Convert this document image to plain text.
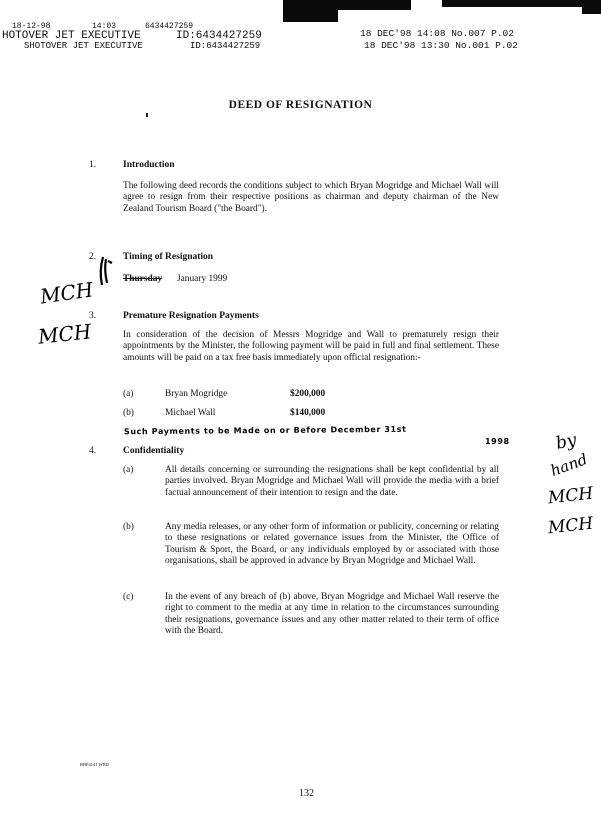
18-12-98	14:03	6434427259
HOTOVER JET EXECUTIVE	ID:6434427259
SHOTOVER JET EXECUTIVE	ID:6434427259
18 DEC'98 14:08 No.007 P.02
18 DEC'98 13:30 No.001 P.02
DEED OF RESIGNATION
1.	Introduction
The following deed records the conditions subject to which Bryan Mogridge and Michael Wall will agree to resign from their respective positions as chairman and deputy chairman of the New Zealand Tourism Board ("the Board").
2.	Timing of Resignation
Thursday January 1999
MCH
MCH
3.	Premature Resignation Payments
In consideration of the decision of Messrs Mogridge and Wall to prematurely resign their appointments by the Minister, the following payment will be paid in full and final settlement. These amounts will be paid on a tax free basis immediately upon official resignation:-
(a)	Bryan Mogridge	$200,000
(b)	Michael Wall	$140,000
Such Payments to be Made on or Before December 31st
1998
4.	Confidentiality
(a)	All details concerning or surrounding the resignations shall be kept confidential by all parties involved. Bryan Mogridge and Michael Wall will provide the media with a brief factual announcement of their intention to resign and the date.
(b)	Any media releases, or any other form of information or publicity, concerning or relating to these resignations or related governance issues from the Minister, the Office of Tourism & Sport, the Board, or any individuals employed by or associated with those organisations, shall be approved in advance by Bryan Mogridge and Michael Wall.
(c)	In the event of any breach of (b) above, Bryan Mogridge and Michael Wall reserve the right to comment to the media at any time in relation to the circumstances surrounding their resignations, governance issues and any other matter related to their term of office with the Board.
by
hand
MCH
MCH
RBP4141 WBD
132
